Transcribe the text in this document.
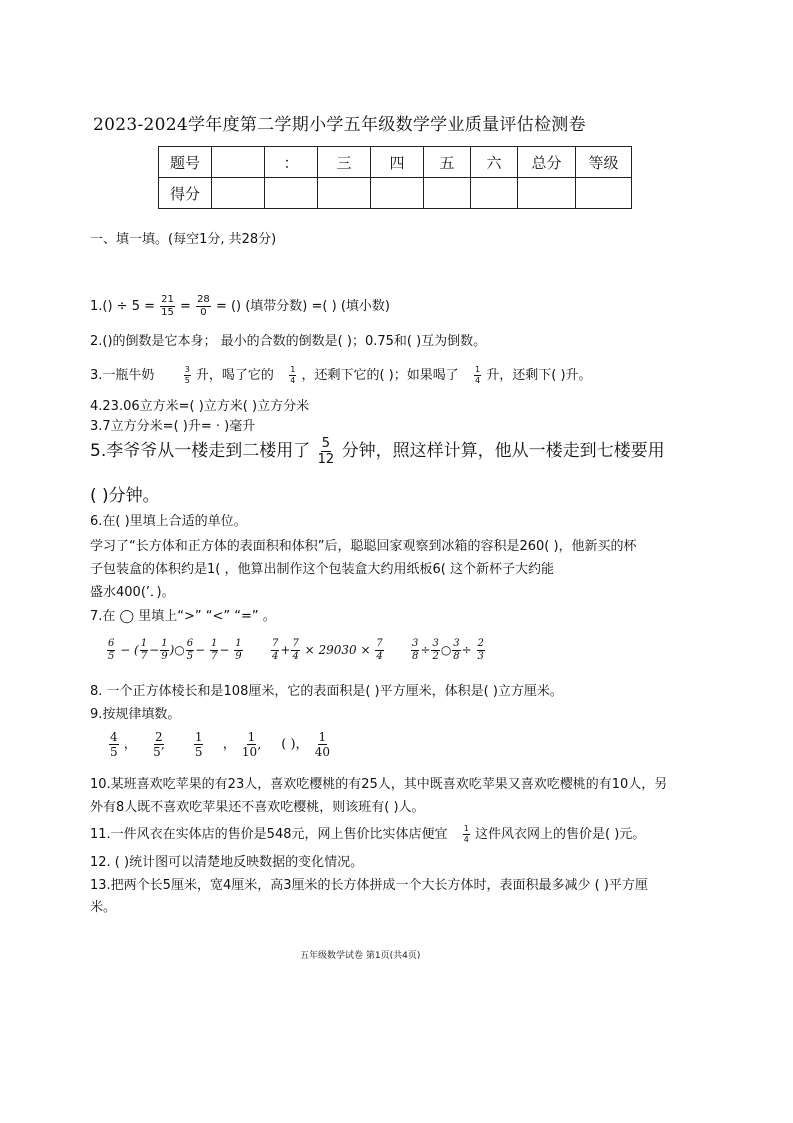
2023-2024学年度第二学期小学五年级数学学业质量评估检测卷
题号		：	三	四	五	六	总分	等级
得分								
一、填一填。(每空1分, 共28分)
$1.() \div 5 = \frac{21}{15} = \frac{28}{0}$ = () (填带分数) =( ) (填小数)
2.()的倒数是它本身； 最小的合数的倒数是( )；0.75和( )互为倒数。
3.一瓶牛奶	$\frac{3}{5}$ 升，喝了它的 $\frac{1}{4}$ ，还剩下它的( )；如果喝了 $\frac{1}{4}$ 升，还剩下( )升。
4.23.06立方米=( )立方米( )立方分米
3.7立方分米=( )升= · )毫升
5.李爷爷从一楼走到二楼用了 $\frac{5}{12}$ 分钟，照这样计算，他从一楼走到七楼要用
( )分钟。
6.在( )里填上合适的单位。
学习了“长方体和正方体的表面积和体积”后，聪聪回家观察到冰箱的容积是260( )，他新买的杯
子包装盒的体积约是1( ，他算出制作这个包装盒大约用纸板6( 这个新杯子大约能
盛水400(’．)。
7.在 ◯ 里填上“>” “<” “=” 。
$\frac{6}{5}$ − ( $\frac{1}{7} - \frac{1}{9}$ )○ $\frac{6}{5} - \frac{1}{7} - \frac{1}{9}$	$\frac{7}{4} + \frac{7}{4} \times 29030 \times \frac{7}{4}$	$\frac{3}{8} \div \frac{3}{2}$ ○ $\frac{3}{8} \div \frac{2}{3}$
8. 一个正方体棱长和是108厘米，它的表面积是( )平方厘米，体积是( )立方厘米。
9.按规律填数。
$\frac{4}{5}$ ， $\frac{2}{5’}$
$\frac{1}{5}$ ， $\frac{1}{10’}$ ( )， $\frac{1}{40}$
10.某班喜欢吃苹果的有23人，喜欢吃樱桃的有25人，其中既喜欢吃苹果又喜欢吃樱桃的有10人，另
外有8人既不喜欢吃苹果还不喜欢吃樱桃，则该班有( )人。
11.一件风衣在实体店的售价是548元，网上售价比实体店便宜 $\frac{1}{4}$ 这件风衣网上的售价是( )元。
12. ( )统计图可以清楚地反映数据的变化情况。
13.把两个长5厘米，宽4厘米，高3厘米的长方体拼成一个大长方体时，表面积最多减少 ( )平方厘
米。
五年级数学试卷 第1页(共4页)
